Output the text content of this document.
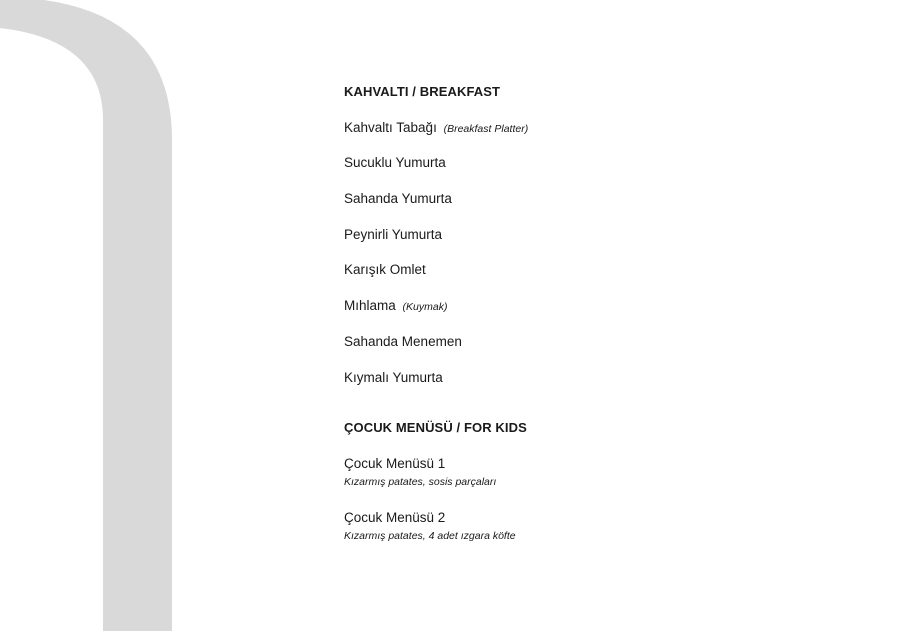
KAHVALTI / BREAKFAST
Kahvaltı Tabağı (Breakfast Platter)
Sucuklu Yumurta
Sahanda Yumurta
Peynirli Yumurta
Karışık Omlet
Mıhlama (Kuymak)
Sahanda Menemen
Kıymalı Yumurta
ÇOCUK MENÜSÜ / FOR KIDS
Çocuk Menüsü 1
Kızarmış patates, sosis parçaları
Çocuk Menüsü 2
Kızarmış patates, 4 adet ızgara köfte
